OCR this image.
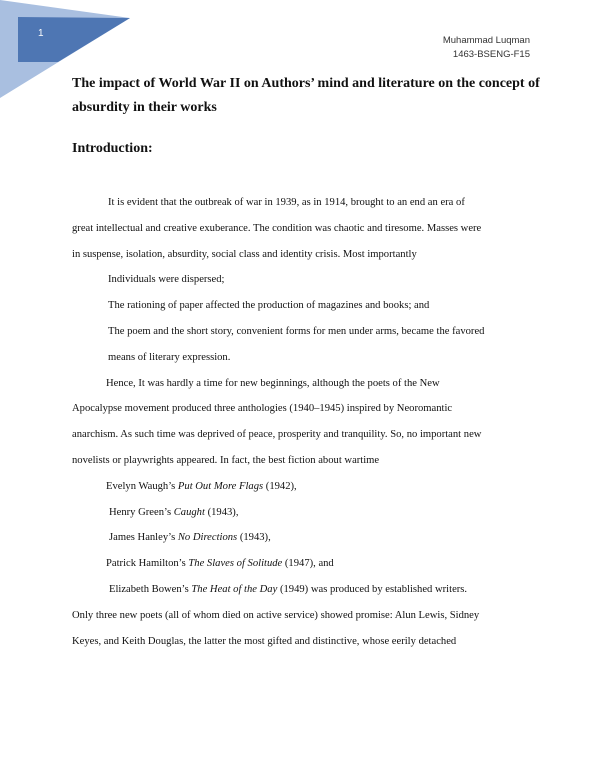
1
Muhammad Luqman
1463-BSENG-F15
The impact of World War II on Authors’ mind and literature on the concept of absurdity in their works
Introduction:
It is evident that the outbreak of war in 1939, as in 1914, brought to an end an era of
great intellectual and creative exuberance. The condition was chaotic and tiresome. Masses were
in suspense, isolation, absurdity, social class and identity crisis. Most importantly
Individuals were dispersed;
The rationing of paper affected the production of magazines and books; and
The poem and the short story, convenient forms for men under arms, became the favored
means of literary expression.
Hence, It was hardly a time for new beginnings, although the poets of the New
Apocalypse movement produced three anthologies (1940–1945) inspired by Neoromantic
anarchism. As such time was deprived of peace, prosperity and tranquility. So, no important new
novelists or playwrights appeared. In fact, the best fiction about wartime
Evelyn Waugh’s Put Out More Flags (1942),
Henry Green’s Caught (1943),
James Hanley’s No Directions (1943),
Patrick Hamilton’s The Slaves of Solitude (1947), and
Elizabeth Bowen’s The Heat of the Day (1949) was produced by established writers.
Only three new poets (all of whom died on active service) showed promise: Alun Lewis, Sidney
Keyes, and Keith Douglas, the latter the most gifted and distinctive, whose eerily detached
